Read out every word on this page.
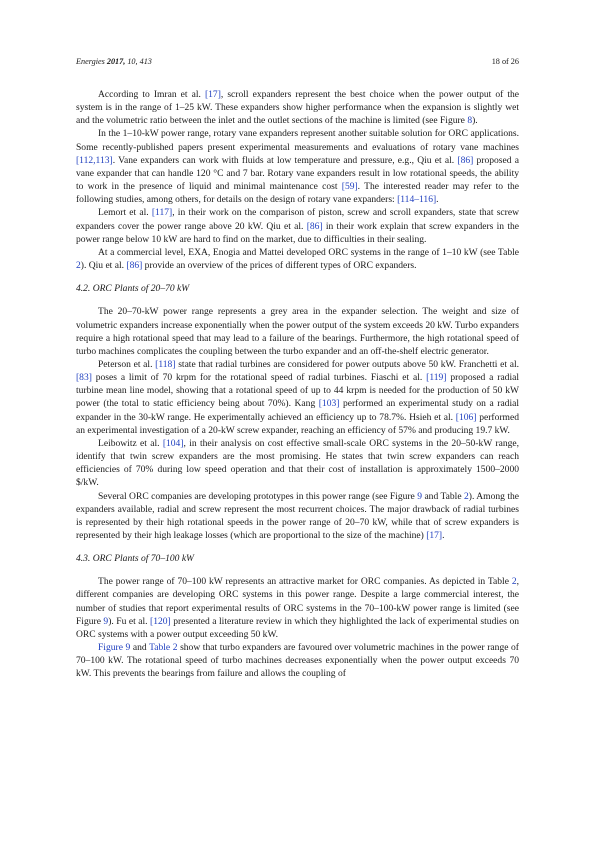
Energies 2017, 10, 413	18 of 26

According to Imran et al. [17], scroll expanders represent the best choice when the power output of the system is in the range of 1–25 kW. These expanders show higher performance when the expansion is slightly wet and the volumetric ratio between the inlet and the outlet sections of the machine is limited (see Figure 8).

In the 1–10-kW power range, rotary vane expanders represent another suitable solution for ORC applications. Some recently-published papers present experimental measurements and evaluations of rotary vane machines [112,113]. Vane expanders can work with fluids at low temperature and pressure, e.g., Qiu et al. [86] proposed a vane expander that can handle 120 °C and 7 bar. Rotary vane expanders result in low rotational speeds, the ability to work in the presence of liquid and minimal maintenance cost [59]. The interested reader may refer to the following studies, among others, for details on the design of rotary vane expanders: [114–116].

Lemort et al. [117], in their work on the comparison of piston, screw and scroll expanders, state that screw expanders cover the power range above 20 kW. Qiu et al. [86] in their work explain that screw expanders in the power range below 10 kW are hard to find on the market, due to difficulties in their sealing.

At a commercial level, EXA, Enogia and Mattei developed ORC systems in the range of 1–10 kW (see Table 2). Qiu et al. [86] provide an overview of the prices of different types of ORC expanders.

4.2. ORC Plants of 20–70 kW

The 20–70-kW power range represents a grey area in the expander selection. The weight and size of volumetric expanders increase exponentially when the power output of the system exceeds 20 kW. Turbo expanders require a high rotational speed that may lead to a failure of the bearings. Furthermore, the high rotational speed of turbo machines complicates the coupling between the turbo expander and an off-the-shelf electric generator.

Peterson et al. [118] state that radial turbines are considered for power outputs above 50 kW. Franchetti et al. [83] poses a limit of 70 krpm for the rotational speed of radial turbines. Fiaschi et al. [119] proposed a radial turbine mean line model, showing that a rotational speed of up to 44 krpm is needed for the production of 50 kW power (the total to static efficiency being about 70%). Kang [103] performed an experimental study on a radial expander in the 30-kW range. He experimentally achieved an efficiency up to 78.7%. Hsieh et al. [106] performed an experimental investigation of a 20-kW screw expander, reaching an efficiency of 57% and producing 19.7 kW.

Leibowitz et al. [104], in their analysis on cost effective small-scale ORC systems in the 20–50-kW range, identify that twin screw expanders are the most promising. He states that twin screw expanders can reach efficiencies of 70% during low speed operation and that their cost of installation is approximately 1500–2000 $/kW.

Several ORC companies are developing prototypes in this power range (see Figure 9 and Table 2). Among the expanders available, radial and screw represent the most recurrent choices. The major drawback of radial turbines is represented by their high rotational speeds in the power range of 20–70 kW, while that of screw expanders is represented by their high leakage losses (which are proportional to the size of the machine) [17].

4.3. ORC Plants of 70–100 kW

The power range of 70–100 kW represents an attractive market for ORC companies. As depicted in Table 2, different companies are developing ORC systems in this power range. Despite a large commercial interest, the number of studies that report experimental results of ORC systems in the 70–100-kW power range is limited (see Figure 9). Fu et al. [120] presented a literature review in which they highlighted the lack of experimental studies on ORC systems with a power output exceeding 50 kW.

Figure 9 and Table 2 show that turbo expanders are favoured over volumetric machines in the power range of 70–100 kW. The rotational speed of turbo machines decreases exponentially when the power output exceeds 70 kW. This prevents the bearings from failure and allows the coupling of
